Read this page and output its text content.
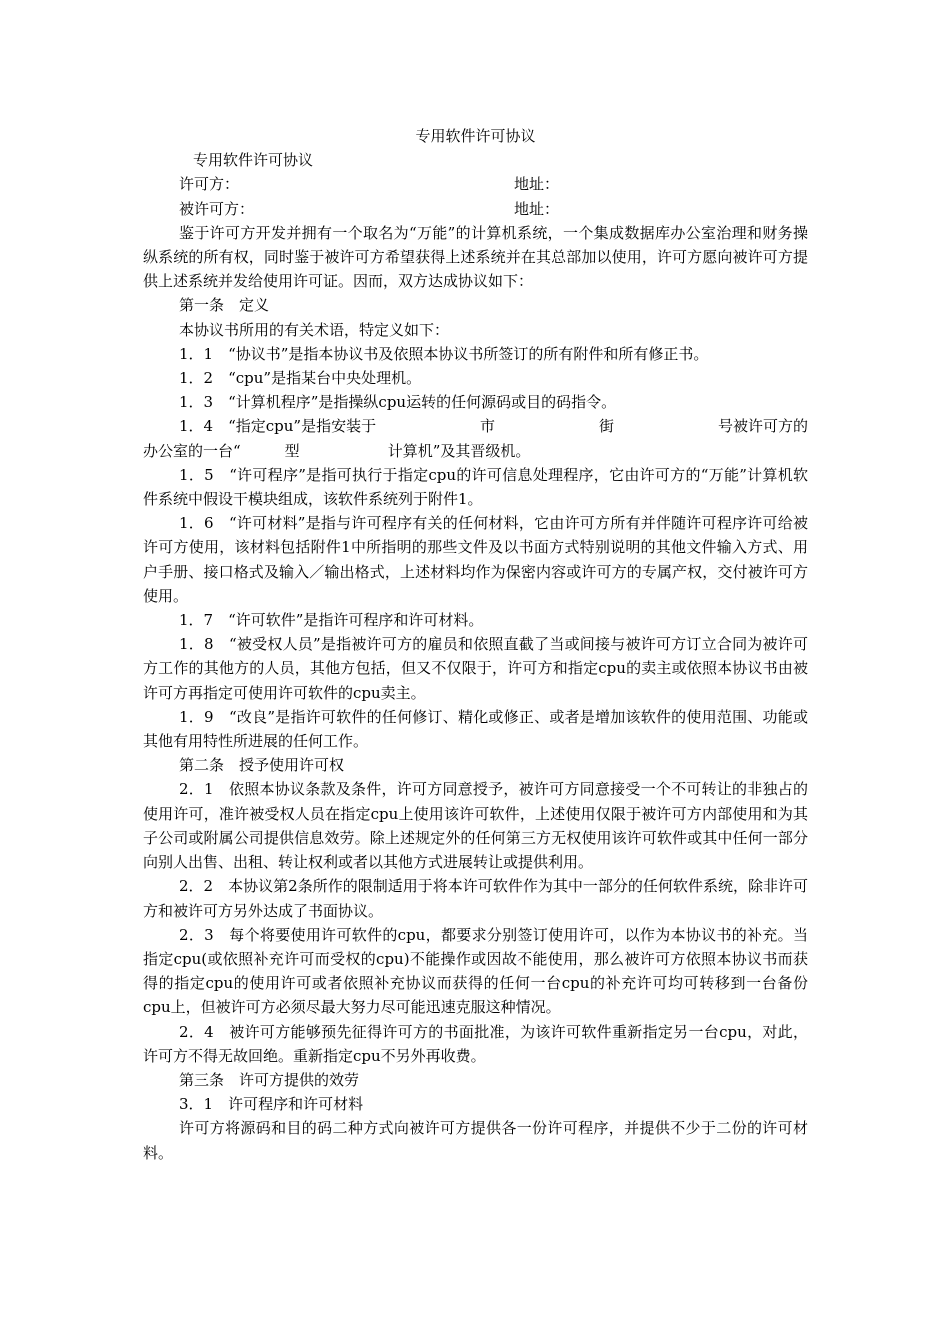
专用软件许可协议

专用软件许可协议

许可方：	地址：
被许可方：	地址：

鉴于许可方开发并拥有一个取名为“万能”的计算机系统，一个集成数据库办公室治理和财务操纵系统的所有权，同时鉴于被许可方希望获得上述系统并在其总部加以使用，许可方愿向被许可方提供上述系统并发给使用许可证。因而，双方达成协议如下：

第一条　定义

本协议书所用的有关术语，特定义如下：

1．1　“协议书”是指本协议书及依照本协议书所签订的所有附件和所有修正书。

1．2　“cpu”是指某台中央处理机。

1．3　“计算机程序”是指操纵cpu运转的任何源码或目的码指令。

1．4　“指定cpu”是指安装于	市	街	号被许可方的

办公室的一台“	型	计算机”及其晋级机。

1．5　“许可程序”是指可执行于指定cpu的许可信息处理程序，它由许可方的“万能”计算机软件系统中假设干模块组成，该软件系统列于附件1。

1．6　“许可材料”是指与许可程序有关的任何材料，它由许可方所有并伴随许可程序许可给被许可方使用，该材料包括附件1中所指明的那些文件及以书面方式特别说明的其他文件输入方式、用户手册、接口格式及输入／输出格式，上述材料均作为保密内容或许可方的专属产权，交付被许可方使用。

1．7　“许可软件”是指许可程序和许可材料。

1．8　“被受权人员”是指被许可方的雇员和依照直截了当或间接与被许可方订立合同为被许可方工作的其他方的人员，其他方包括，但又不仅限于，许可方和指定cpu的卖主或依照本协议书由被许可方再指定可使用许可软件的cpu卖主。

1．9　“改良”是指许可软件的任何修订、精化或修正、或者是增加该软件的使用范围、功能或其他有用特性所进展的任何工作。

第二条　授予使用许可权

2．1　依照本协议条款及条件，许可方同意授予，被许可方同意接受一个不可转让的非独占的使用许可，准许被受权人员在指定cpu上使用该许可软件，上述使用仅限于被许可方内部使用和为其子公司或附属公司提供信息效劳。除上述规定外的任何第三方无权使用该许可软件或其中任何一部分向别人出售、出租、转让权利或者以其他方式进展转让或提供利用。

2．2　本协议第2条所作的限制适用于将本许可软件作为其中一部分的任何软件系统，除非许可方和被许可方另外达成了书面协议。

2．3　每个将要使用许可软件的cpu，都要求分别签订使用许可，以作为本协议书的补充。当指定cpu(或依照补充许可而受权的cpu)不能操作或因故不能使用，那么被许可方依照本协议书而获得的指定cpu的使用许可或者依照补充协议而获得的任何一台cpu的补充许可均可转移到一台备份cpu上，但被许可方必须尽最大努力尽可能迅速克服这种情况。

2．4　被许可方能够预先征得许可方的书面批准，为该许可软件重新指定另一台cpu，对此，许可方不得无故回绝。重新指定cpu不另外再收费。

第三条　许可方提供的效劳

3．1　许可程序和许可材料

许可方将源码和目的码二种方式向被许可方提供各一份许可程序，并提供不少于二份的许可材料。
